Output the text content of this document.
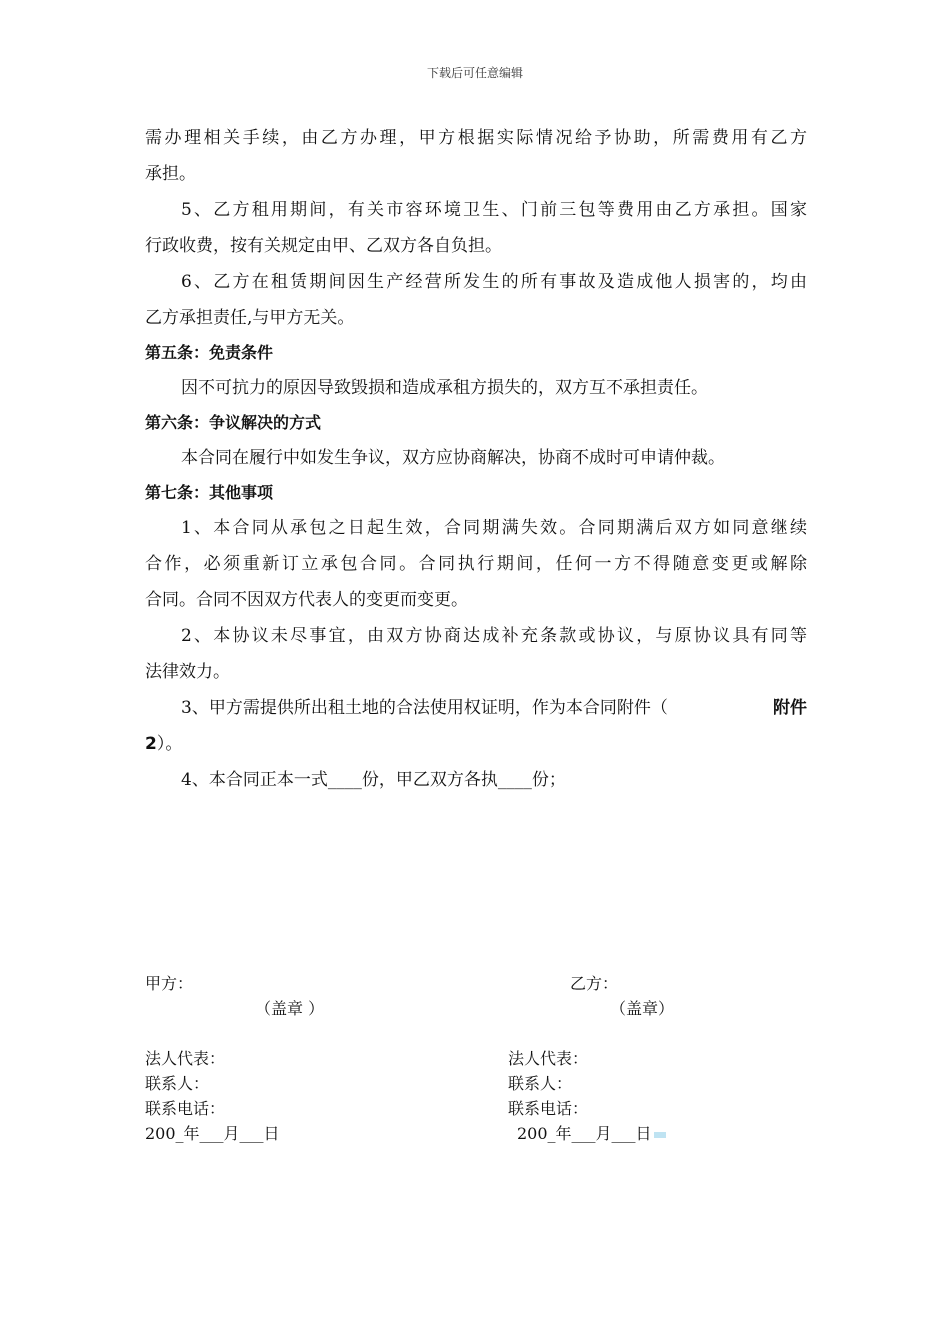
下载后可任意编辑
需办理相关手续，由乙方办理，甲方根据实际情况给予协助，所需费用有乙方
承担。
5、乙方租用期间，有关市容环境卫生、门前三包等费用由乙方承担。国家
行政收费，按有关规定由甲、乙双方各自负担。
6、乙方在租赁期间因生产经营所发生的所有事故及造成他人损害的，均由
乙方承担责任,与甲方无关。
第五条：免责条件
因不可抗力的原因导致毁损和造成承租方损失的，双方互不承担责任。
第六条：争议解决的方式
本合同在履行中如发生争议，双方应协商解决，协商不成时可申请仲裁。
第七条：其他事项
1、本合同从承包之日起生效，合同期满失效。合同期满后双方如同意继续
合作，必须重新订立承包合同。合同执行期间，任何一方不得随意变更或解除
合同。合同不因双方代表人的变更而变更。
2、本协议未尽事宜，由双方协商达成补充条款或协议，与原协议具有同等
法律效力。
3、甲方需提供所出租土地的合法使用权证明，作为本合同附件（	附件
2）。
4、本合同正本一式____份，甲乙双方各执____份；
甲方：
（盖章 ）
法人代表：
联系人：
联系电话：
200_年___月___日
乙方：
（盖章）
法人代表：
联系人：
联系电话：
200_年___月___日
